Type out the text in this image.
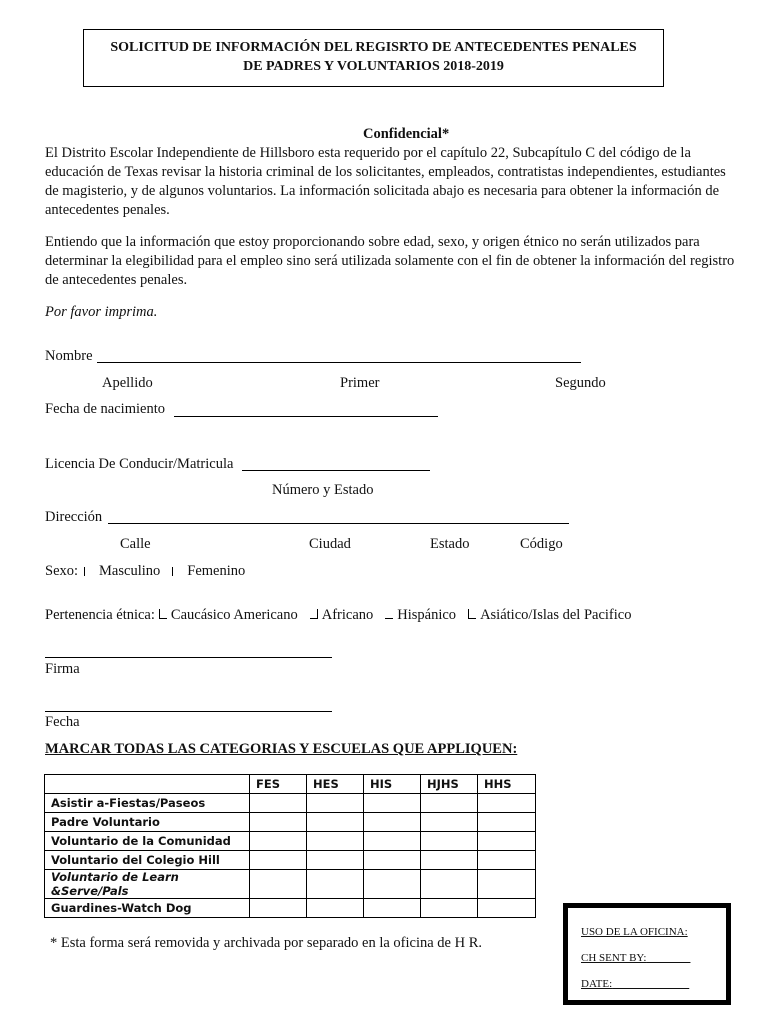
SOLICITUD DE INFORMACIÓN DEL REGISRTO DE ANTECEDENTES PENALES
DE PADRES Y VOLUNTARIOS 2018-2019
Confidencial*
El Distrito Escolar Independiente de Hillsboro esta requerido por el capítulo 22, Subcapítulo C del código de la educación de Texas revisar la historia criminal de los solicitantes, empleados, contratistas independientes, estudiantes de magisterio, y de algunos voluntarios. La información solicitada abajo es necesaria para obtener la información de antecedentes penales.
Entiendo que la información que estoy proporcionando sobre edad, sexo, y origen étnico no serán utilizados para determinar la elegibilidad para el empleo sino será utilizada solamente con el fin de obtener la información del registro de antecedentes penales.
Por favor imprima.
Nombre
Apellido	Primer	Segundo
Fecha de nacimiento
Licencia De Conducir/Matricula
Número y Estado
Dirección
Calle	Ciudad	Estado	Código
Sexo: Masculino Femenino
Pertenencia étnica: Caucásico Americano Africano Hispánico Asiático/Islas del Pacifico
Firma
Fecha
MARCAR TODAS LAS CATEGORIAS Y ESCUELAS QUE APPLIQUEN:
	FES	HES	HIS	HJHS	HHS
Asistir a-Fiestas/Paseos					
Padre Voluntario					
Voluntario de la Comunidad					
Voluntario del Colegio Hill					
Voluntario de Learn &Serve/Pals					
Guardines-Watch Dog					
* Esta forma será removida y archivada por separado en la oficina de H R.
USO DE LA OFICINA:
CH SENT BY:________
DATE:______________
